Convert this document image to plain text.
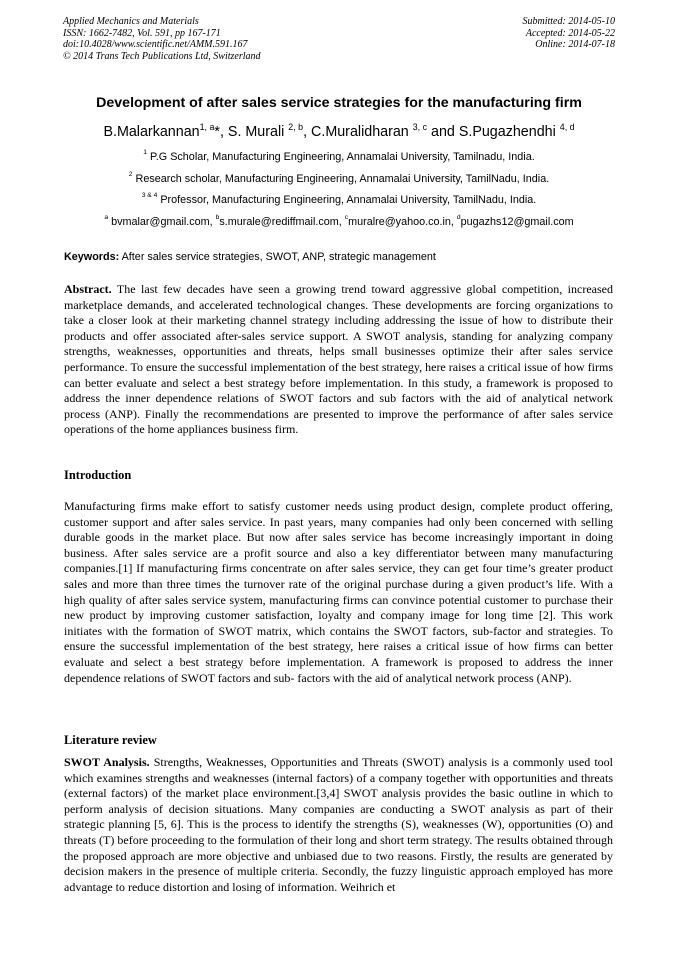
Applied Mechanics and Materials
ISSN: 1662-7482, Vol. 591, pp 167-171
doi:10.4028/www.scientific.net/AMM.591.167
© 2014 Trans Tech Publications Ltd, Switzerland
Submitted: 2014-05-10
Accepted: 2014-05-22
Online: 2014-07-18
Development of after sales service strategies for the manufacturing firm
B.Malarkannan$^{1, a}$*, S. Murali $^{2, b}$, C.Muralidharan $^{3, c}$ and S.Pugazhendhi $^{4, d}$
$^1$ P.G Scholar, Manufacturing Engineering, Annamalai University, Tamilnadu, India.
$^2$ Research scholar, Manufacturing Engineering, Annamalai University, TamilNadu, India.
$^{3 \& 4}$ Professor, Manufacturing Engineering, Annamalai University, TamilNadu, India.
$^a$ bvmalar@gmail.com, $^b$s.murale@rediffmail.com, $^c$muralre@yahoo.co.in, $^d$pugazhs12@gmail.com
Keywords: After sales service strategies, SWOT, ANP, strategic management

Abstract. The last few decades have seen a growing trend toward aggressive global competition, increased marketplace demands, and accelerated technological changes. These developments are forcing organizations to take a closer look at their marketing channel strategy including addressing the issue of how to distribute their products and offer associated after-sales service support. A SWOT analysis, standing for analyzing company strengths, weaknesses, opportunities and threats, helps small businesses optimize their after sales service performance. To ensure the successful implementation of the best strategy, here raises a critical issue of how firms can better evaluate and select a best strategy before implementation. In this study, a framework is proposed to address the inner dependence relations of SWOT factors and sub factors with the aid of analytical network process (ANP). Finally the recommendations are presented to improve the performance of after sales service operations of the home appliances business firm.

Introduction

Manufacturing firms make effort to satisfy customer needs using product design, complete product offering, customer support and after sales service. In past years, many companies had only been concerned with selling durable goods in the market place. But now after sales service has become increasingly important in doing business. After sales service are a profit source and also a key differentiator between many manufacturing companies.[1] If manufacturing firms concentrate on after sales service, they can get four time’s greater product sales and more than three times the turnover rate of the original purchase during a given product’s life. With a high quality of after sales service system, manufacturing firms can convince potential customer to purchase their new product by improving customer satisfaction, loyalty and company image for long time [2]. This work initiates with the formation of SWOT matrix, which contains the SWOT factors, sub-factor and strategies. To ensure the successful implementation of the best strategy, here raises a critical issue of how firms can better evaluate and select a best strategy before implementation. A framework is proposed to address the inner dependence relations of SWOT factors and sub- factors with the aid of analytical network process (ANP).

Literature review

SWOT Analysis. Strengths, Weaknesses, Opportunities and Threats (SWOT) analysis is a commonly used tool which examines strengths and weaknesses (internal factors) of a company together with opportunities and threats (external factors) of the market place environment.[3,4] SWOT analysis provides the basic outline in which to perform analysis of decision situations. Many companies are conducting a SWOT analysis as part of their strategic planning [5, 6]. This is the process to identify the strengths (S), weaknesses (W), opportunities (O) and threats (T) before proceeding to the formulation of their long and short term strategy. The results obtained through the proposed approach are more objective and unbiased due to two reasons. Firstly, the results are generated by decision makers in the presence of multiple criteria. Secondly, the fuzzy linguistic approach employed has more advantage to reduce distortion and losing of information. Weihrich et
